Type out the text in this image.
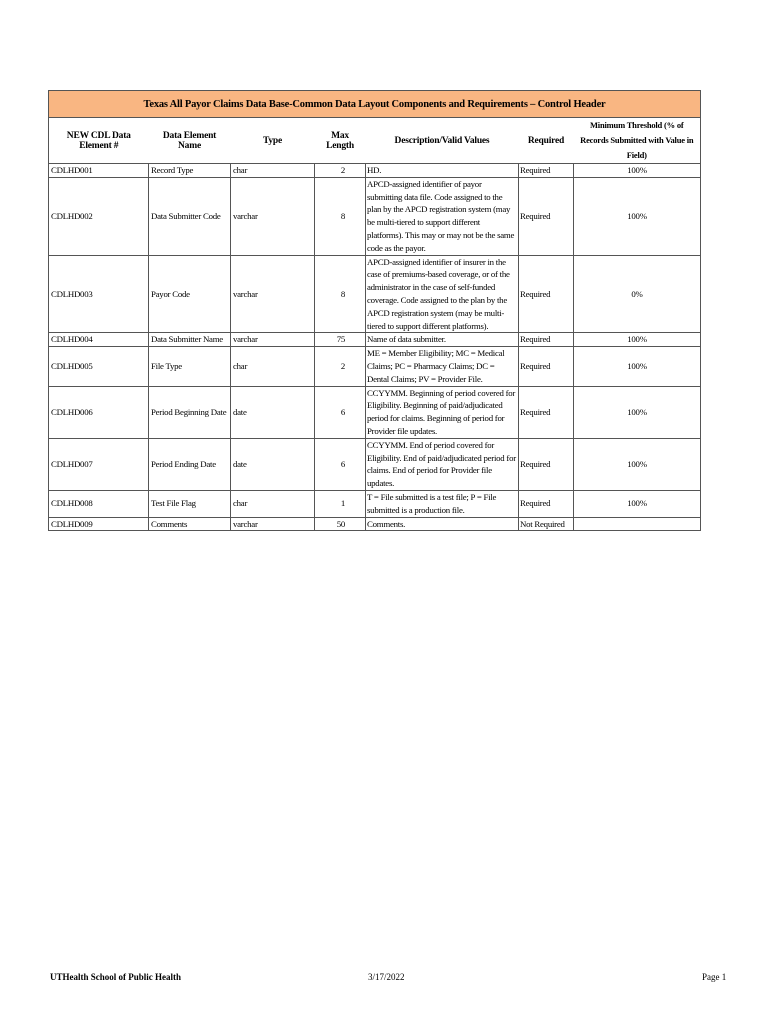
Texas All Payor Claims Data Base-Common Data Layout Components and Requirements – Control Header						
NEW CDL Data Element #	Data Element Name	Type	Max Length	Description/Valid Values	Required	Minimum Threshold (% of Records Submitted with Value in Field)
CDLHD001	Record Type	char	2	HD.	Required	100%
CDLHD002	Data Submitter Code	varchar	8	APCD-assigned identifier of payor submitting data file. Code assigned to the plan by the APCD registration system (may be multi-tiered to support different platforms). This may or may not be the same code as the payor.	Required	100%
CDLHD003	Payor Code	varchar	8	APCD-assigned identifier of insurer in the case of premiums-based coverage, or of the administrator in the case of self-funded coverage. Code assigned to the plan by the APCD registration system (may be multi-tiered to support different platforms).	Required	0%
CDLHD004	Data Submitter Name	varchar	75	Name of data submitter.	Required	100%
CDLHD005	File Type	char	2	ME = Member Eligibility; MC = Medical Claims; PC = Pharmacy Claims; DC = Dental Claims; PV = Provider File.	Required	100%
CDLHD006	Period Beginning Date	date	6	CCYYMM. Beginning of period covered for Eligibility. Beginning of paid/adjudicated period for claims. Beginning of period for Provider file updates.	Required	100%
CDLHD007	Period Ending Date	date	6	CCYYMM. End of period covered for Eligibility. End of paid/adjudicated period for claims. End of period for Provider file updates.	Required	100%
CDLHD008	Test File Flag	char	1	T = File submitted is a test file; P = File submitted is a production file.	Required	100%
CDLHD009	Comments	varchar	50	Comments.	Not Required	
UTHealth School of Public Health	3/17/2022	Page 1
